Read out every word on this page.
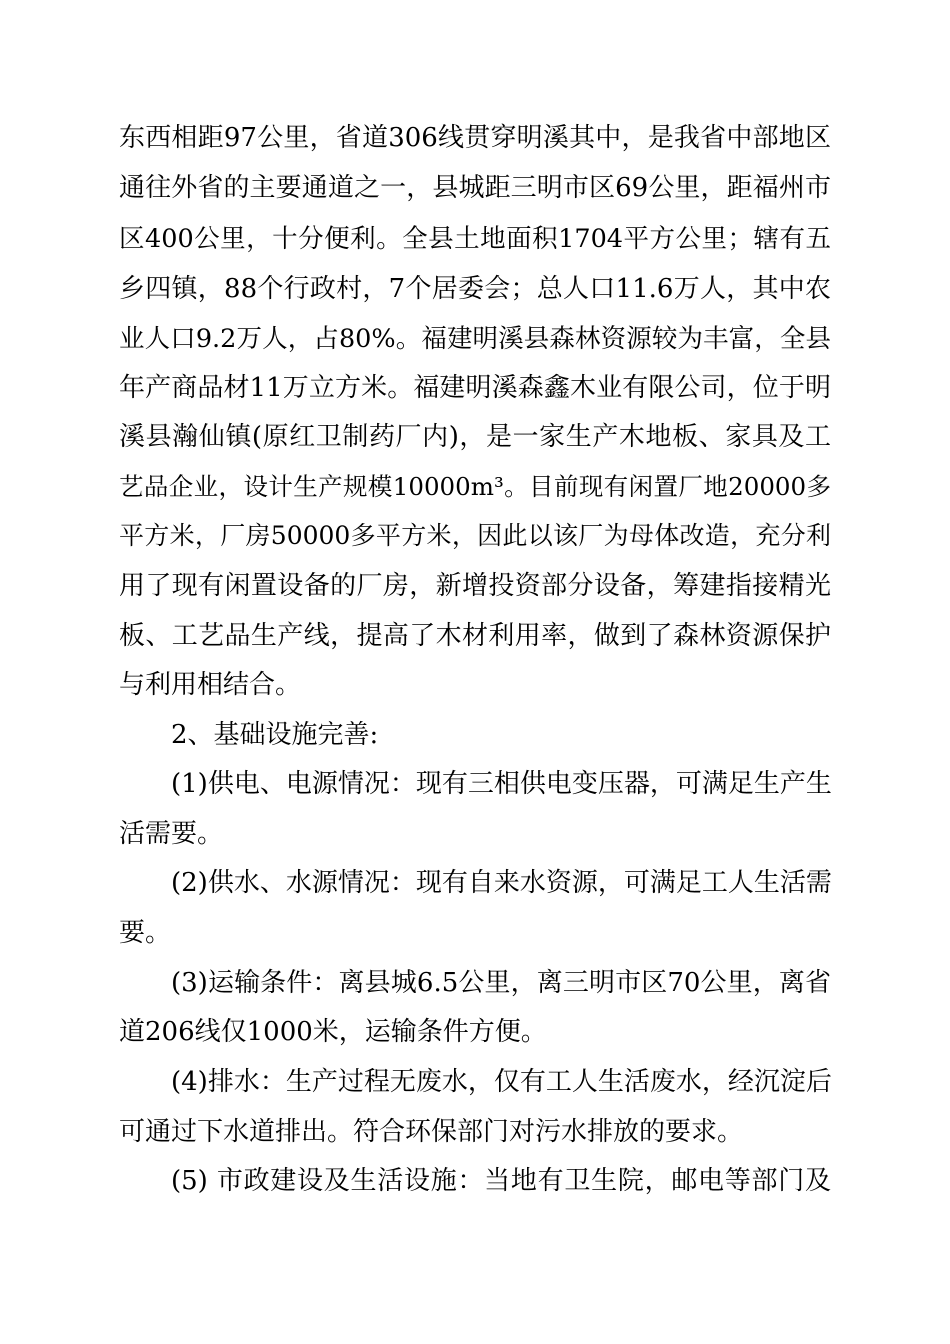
东西相距97公里，省道306线贯穿明溪其中，是我省中部地区
通往外省的主要通道之一，县城距三明市区69公里，距福州市
区400公里，十分便利。全县土地面积1704平方公里；辖有五
乡四镇，88个行政村，7个居委会；总人口11.6万人，其中农
业人口9.2万人，占80%。福建明溪县森林资源较为丰富，全县
年产商品材11万立方米。福建明溪森鑫木业有限公司，位于明
溪县瀚仙镇(原红卫制药厂内)，是一家生产木地板、家具及工
艺品企业，设计生产规模10000m³。目前现有闲置厂地20000多
平方米，厂房50000多平方米，因此以该厂为母体改造，充分利
用了现有闲置设备的厂房，新增投资部分设备，筹建指接精光
板、工艺品生产线，提高了木材利用率，做到了森林资源保护
与利用相结合。
2、基础设施完善:
(1)供电、电源情况：现有三相供电变压器，可满足生产生
活需要。
(2)供水、水源情况：现有自来水资源，可满足工人生活需
要。
(3)运输条件：离县城6.5公里，离三明市区70公里，离省
道206线仅1000米，运输条件方便。
(4)排水：生产过程无废水，仅有工人生活废水，经沉淀后
可通过下水道排出。符合环保部门对污水排放的要求。
(5) 市政建设及生活设施：当地有卫生院，邮电等部门及
